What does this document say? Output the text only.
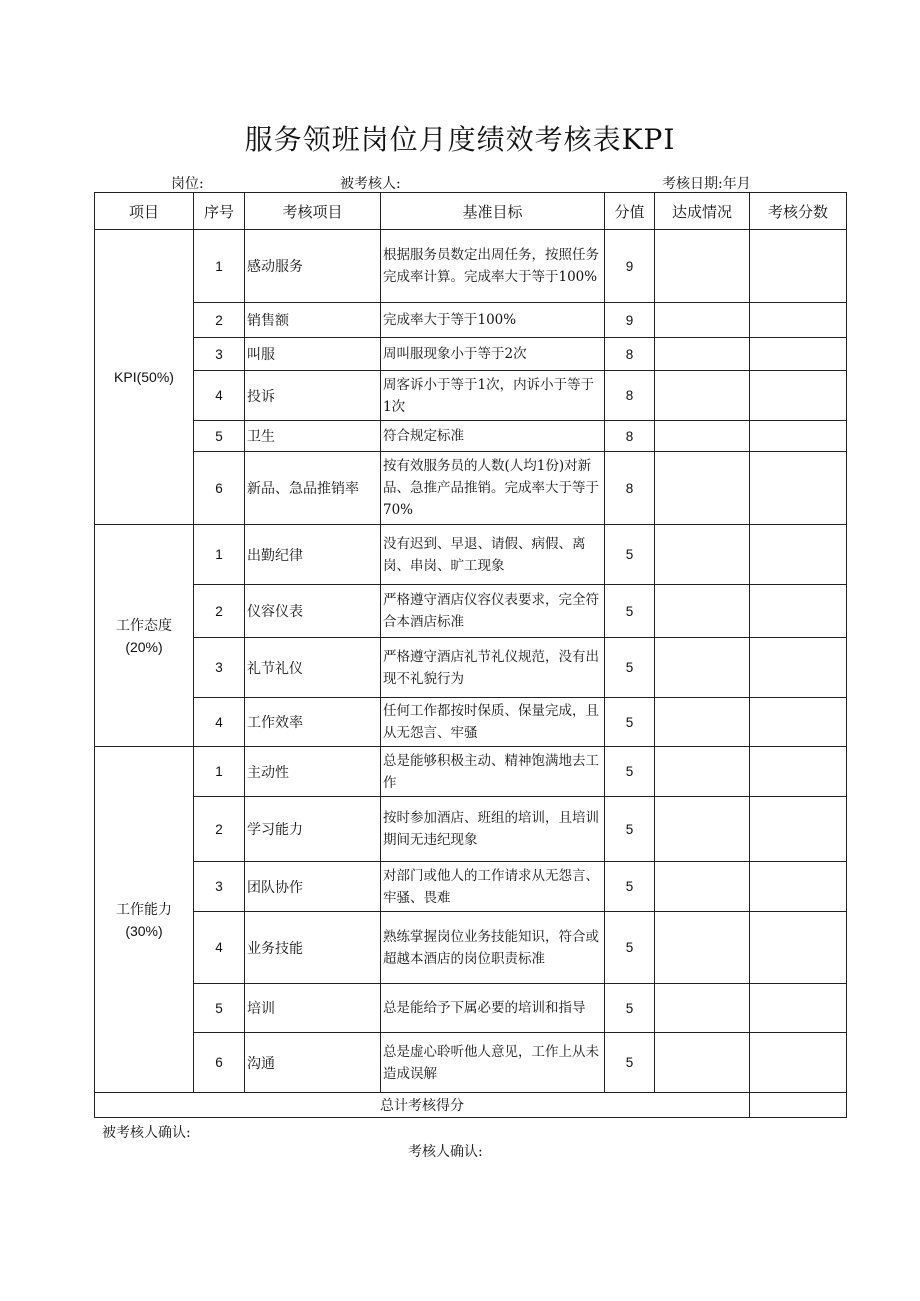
服务领班岗位月度绩效考核表KPI
岗位:	被考核人:	考核日期:年月
项目	序号	考核项目	基准目标	分值	达成情况	考核分数

KPI(50%)	1	感动服务	根据服务员数定出周任务，按照任务完成率计算。完成率大于等于100%	9		
	2	销售额	完成率大于等于100%	9		
	3	叫服	周叫服现象小于等于2次	8		
	4	投诉	周客诉小于等于1次，内诉小于等于1次	8		
	5	卫生	符合规定标准	8		
	6	新品、急品推销率	按有效服务员的人数(人均1份)对新品、急推产品推销。完成率大于等于70%	8		

工作态度
(20%)	1	出勤纪律	没有迟到、早退、请假、病假、离岗、串岗、旷工现象	5		
	2	仪容仪表	严格遵守酒店仪容仪表要求，完全符合本酒店标准	5		
	3	礼节礼仪	严格遵守酒店礼节礼仪规范，没有出现不礼貌行为	5		
	4	工作效率	任何工作都按时保质、保量完成，且从无怨言、牢骚	5		

工作能力
(30%)	1	主动性	总是能够积极主动、精神饱满地去工作	5		
	2	学习能力	按时参加酒店、班组的培训，且培训期间无违纪现象	5		
	3	团队协作	对部门或他人的工作请求从无怨言、牢骚、畏难	5		
	4	业务技能	熟练掌握岗位业务技能知识，符合或超越本酒店的岗位职责标准	5		
	5	培训	总是能给予下属必要的培训和指导	5		
	6	沟通	总是虚心聆听他人意见，工作上从未造成误解	5		
总计考核得分						
被考核人确认:
考核人确认:
